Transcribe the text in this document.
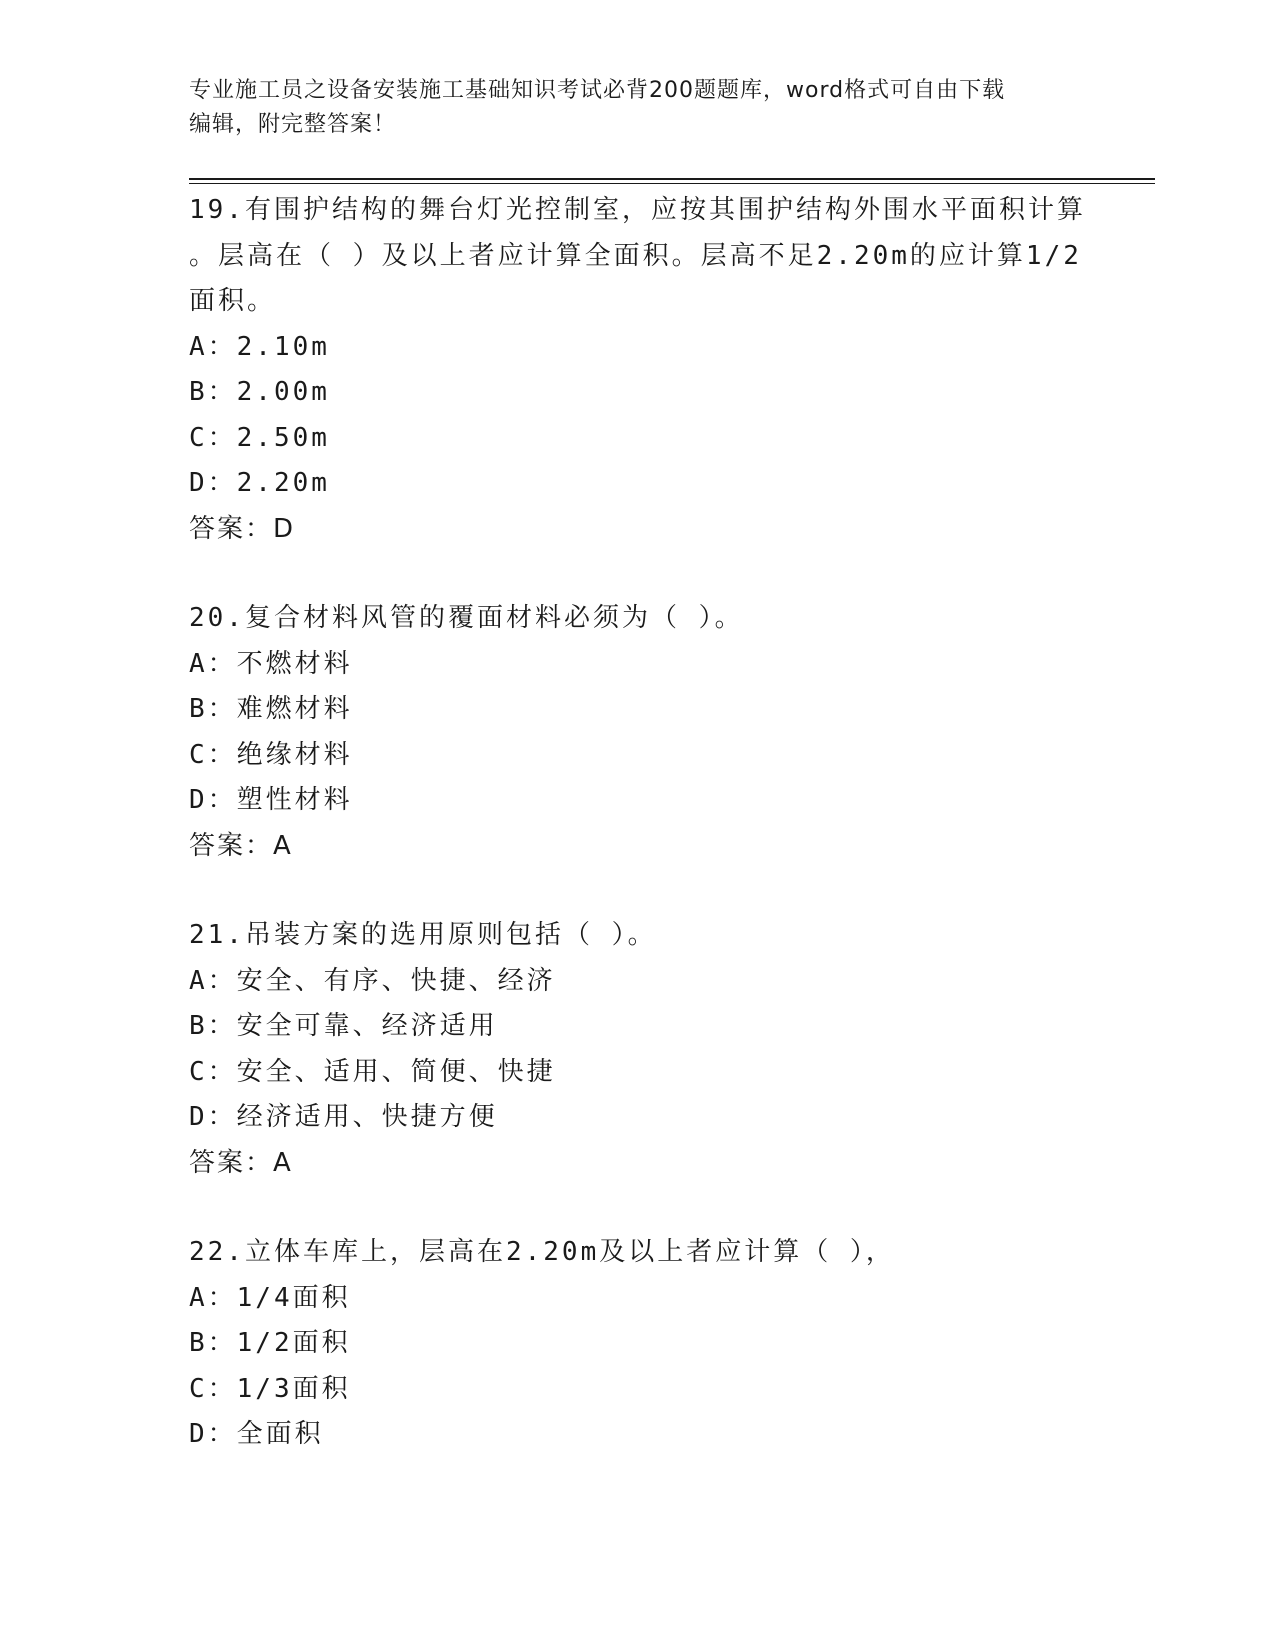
专业施工员之设备安装施工基础知识考试必背200题题库，word格式可自由下载
编辑，附完整答案！
19.有围护结构的舞台灯光控制室，应按其围护结构外围水平面积计算
。层高在（ ）及以上者应计算全面积。层高不足2.20m的应计算1/2
面积。
A：2.10m
B：2.00m
C：2.50m
D：2.20m
答案：D
20.复合材料风管的覆面材料必须为（ ）。
A：不燃材料
B：难燃材料
C：绝缘材料
D：塑性材料
答案：A
21.吊装方案的选用原则包括（ ）。
A：安全、有序、快捷、经济
B：安全可靠、经济适用
C：安全、适用、简便、快捷
D：经济适用、快捷方便
答案：A
22.立体车库上，层高在2.20m及以上者应计算（ ），
A：1/4面积
B：1/2面积
C：1/3面积
D：全面积
